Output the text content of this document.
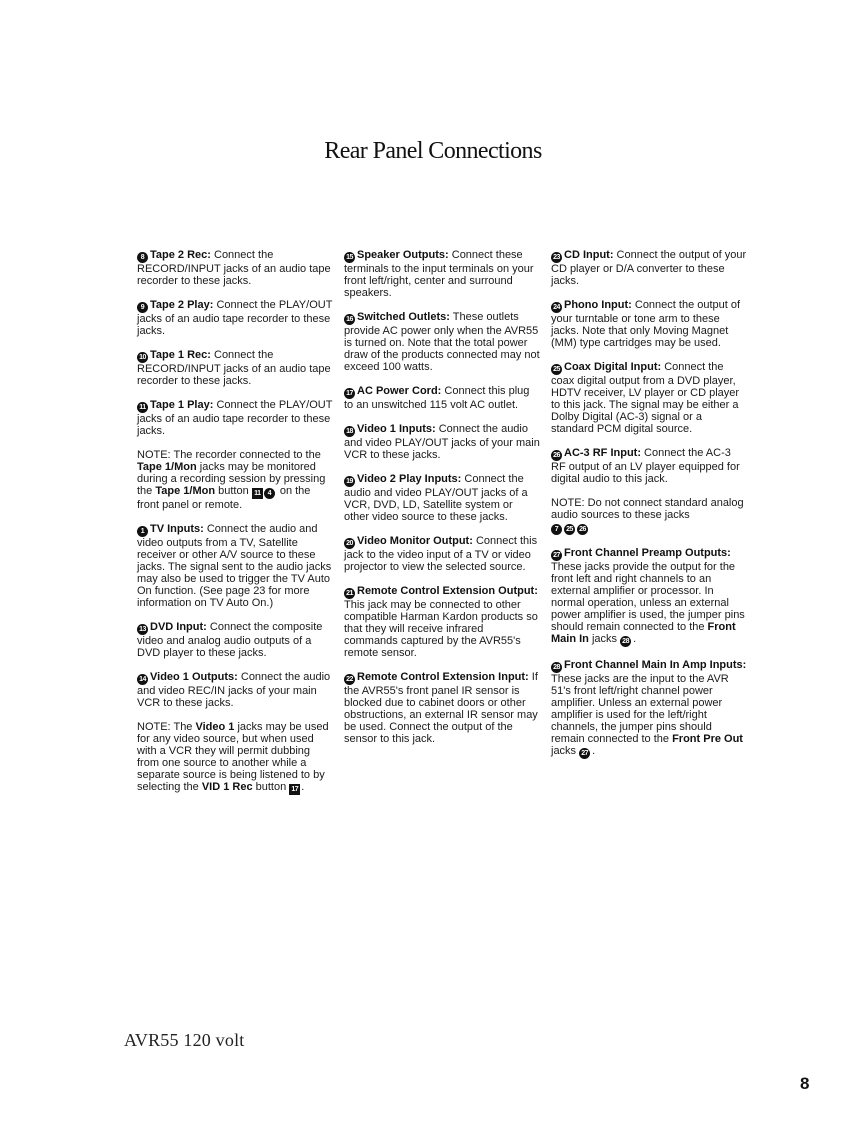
Rear Panel Connections
8 Tape 2 Rec: Connect the RECORD/INPUT jacks of an audio tape recorder to these jacks.
9 Tape 2 Play: Connect the PLAY/OUT jacks of an audio tape recorder to these jacks.
10 Tape 1 Rec: Connect the RECORD/INPUT jacks of an audio tape recorder to these jacks.
11 Tape 1 Play: Connect the PLAY/OUT jacks of an audio tape recorder to these jacks.
NOTE: The recorder connected to the Tape 1/Mon jacks may be monitored during a recording session by pressing the Tape 1/Mon button 11 4 on the front panel or remote.
1 TV Inputs: Connect the audio and video outputs from a TV, Satellite receiver or other A/V source to these jacks. The signal sent to the audio jacks may also be used to trigger the TV Auto On function. (See page 23 for more information on TV Auto On.)
13 DVD Input: Connect the composite video and analog audio outputs of a DVD player to these jacks.
14 Video 1 Outputs: Connect the audio and video REC/IN jacks of your main VCR to these jacks.
NOTE: The Video 1 jacks may be used for any video source, but when used with a VCR they will permit dubbing from one source to another while a separate source is being listened to by selecting the VID 1 Rec button 17 .
15 Speaker Outputs: Connect these terminals to the input terminals on your front left/right, center and surround speakers.
16 Switched Outlets: These outlets provide AC power only when the AVR55 is turned on. Note that the total power draw of the products connected may not exceed 100 watts.
17 AC Power Cord: Connect this plug to an unswitched 115 volt AC outlet.
18 Video 1 Inputs: Connect the audio and video PLAY/OUT jacks of your main VCR to these jacks.
19 Video 2 Play Inputs: Connect the audio and video PLAY/OUT jacks of a VCR, DVD, LD, Satellite system or other video source to these jacks.
20 Video Monitor Output: Connect this jack to the video input of a TV or video projector to view the selected source.
21 Remote Control Extension Output: This jack may be connected to other compatible Harman Kardon products so that they will receive infrared commands captured by the AVR55's remote sensor.
22 Remote Control Extension Input: If the AVR55's front panel IR sensor is blocked due to cabinet doors or other obstructions, an external IR sensor may be used. Connect the output of the sensor to this jack.
23 CD Input: Connect the output of your CD player or D/A converter to these jacks.
24 Phono Input: Connect the output of your turntable or tone arm to these jacks. Note that only Moving Magnet (MM) type cartridges may be used.
25 Coax Digital Input: Connect the coax digital output from a DVD player, HDTV receiver, LV player or CD player to this jack. The signal may be either a Dolby Digital (AC-3) signal or a standard PCM digital source.
26 AC-3 RF Input: Connect the AC-3 RF output of an LV player equipped for digital audio to this jack.
NOTE: Do not connect standard analog audio sources to these jacks
7 25 26
27 Front Channel Preamp Outputs: These jacks provide the output for the front left and right channels to an external amplifier or processor. In normal operation, unless an external power amplifier is used, the jumper pins should remain connected to the Front Main In jacks 28 .
28 Front Channel Main In Amp Inputs: These jacks are the input to the AVR 51's front left/right channel power amplifier. Unless an external power amplifier is used for the left/right channels, the jumper pins should remain connected to the Front Pre Out jacks 27 .
AVR55 120 volt
8
